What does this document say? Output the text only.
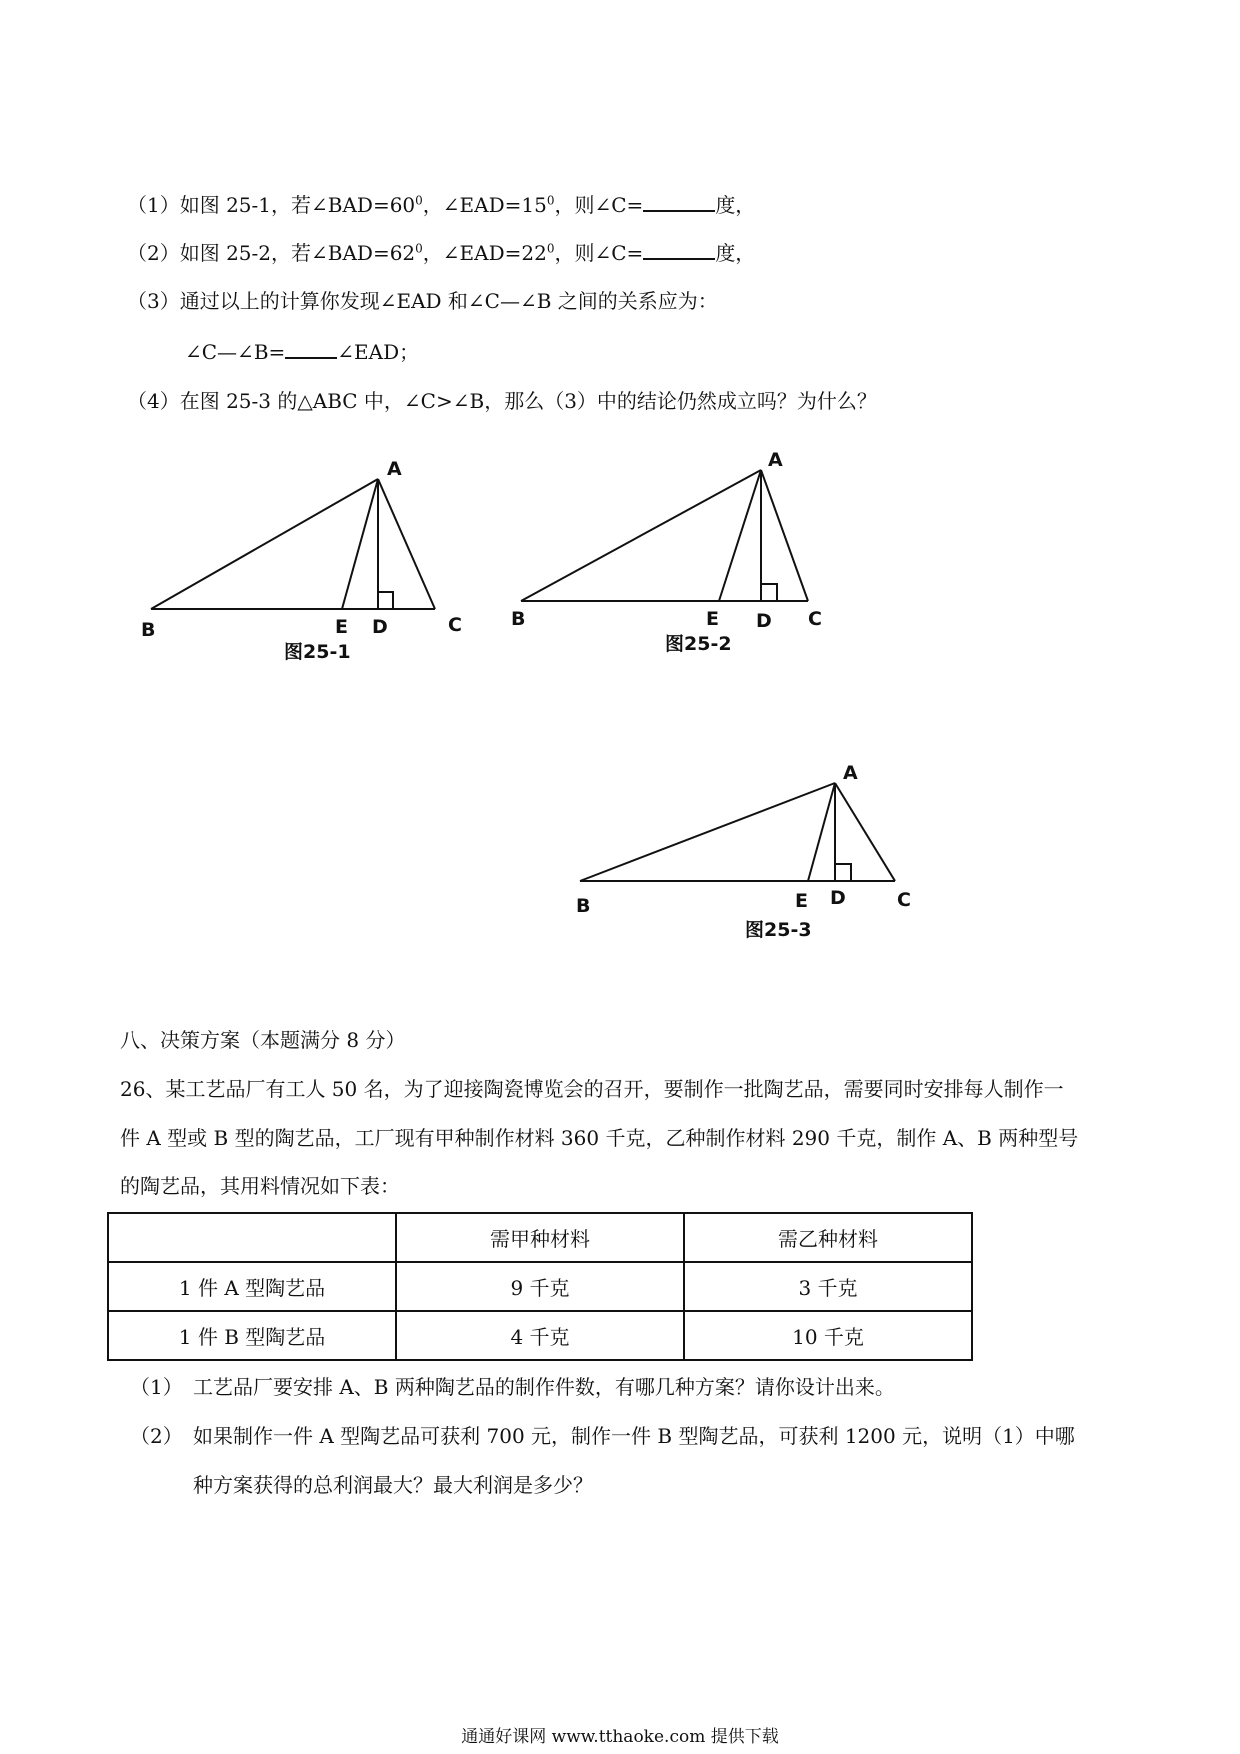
（1）如图 25-1，若$\angle BAD=60^0$，$\angle EAD=15^0$，则∠C=	度，
（2）如图 25-2，若$\angle BAD=62^0$，$\angle EAD=22^0$，则∠C=	度，
（3）通过以上的计算你发现∠EAD 和∠C—∠B 之间的关系应为：
∠C—∠B=	∠EAD；
（4）在图 25-3 的△ABC 中，∠C>∠B，那么（3）中的结论仍然成立吗？为什么？
A
B	E D	C
图25-1
A
B	E D C
图25-2
A
B	E D	C
图25-3
八、决策方案（本题满分 8 分）
26、某工艺品厂有工人 50 名，为了迎接陶瓷博览会的召开，要制作一批陶艺品，需要同时安排每人制作一
件 A 型或 B 型的陶艺品，工厂现有甲种制作材料 360 千克，乙种制作材料 290 千克，制作 A、B 两种型号
的陶艺品，其用料情况如下表：
	需甲种材料	需乙种材料
1 件 A 型陶艺品	9 千克	3 千克
1 件 B 型陶艺品	4 千克	10 千克
（1） 工艺品厂要安排 A、B 两种陶艺品的制作件数，有哪几种方案？请你设计出来。
（2） 如果制作一件 A 型陶艺品可获利 700 元，制作一件 B 型陶艺品，可获利 1200 元，说明（1）中哪
种方案获得的总利润最大？最大利润是多少？
通通好课网 www.tthaoke.com 提供下载
